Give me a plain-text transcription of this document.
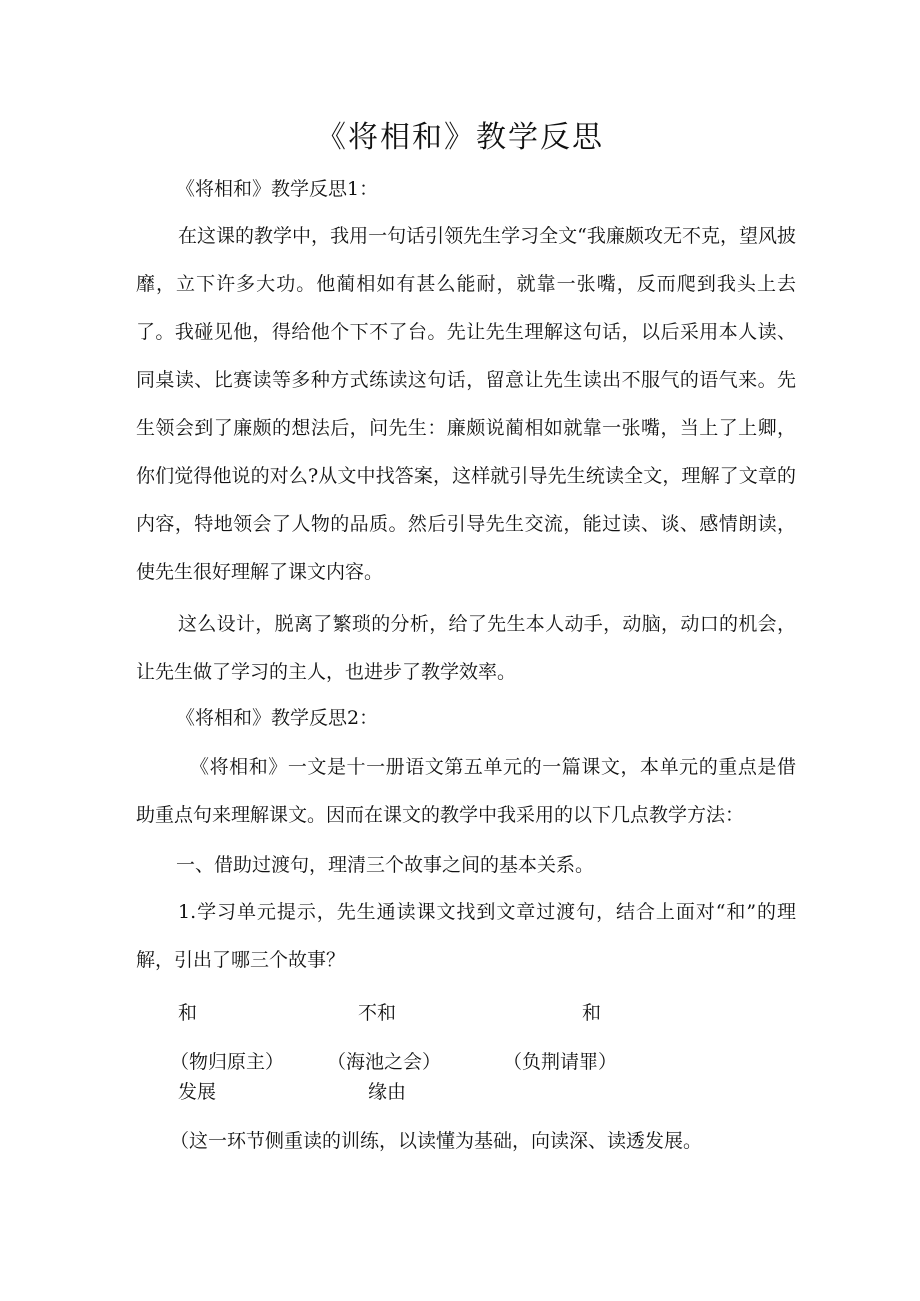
《将相和》教学反思
《将相和》教学反思1：
在这课的教学中，我用一句话引领先生学习全文“我廉颇攻无不克，望风披靡，立下许多大功。他蔺相如有甚么能耐，就靠一张嘴，反而爬到我头上去了。我碰见他，得给他个下不了台。先让先生理解这句话，以后采用本人读、同桌读、比赛读等多种方式练读这句话，留意让先生读出不服气的语气来。先生领会到了廉颇的想法后，问先生：廉颇说蔺相如就靠一张嘴，当上了上卿，你们觉得他说的对么?从文中找答案，这样就引导先生统读全文，理解了文章的内容，特地领会了人物的品质。然后引导先生交流，能过读、谈、感情朗读，使先生很好理解了课文内容。
这么设计，脱离了繁琐的分析，给了先生本人动手，动脑，动口的机会，让先生做了学习的主人，也进步了教学效率。
《将相和》教学反思2：
《将相和》一文是十一册语文第五单元的一篇课文，本单元的重点是借助重点句来理解课文。因而在课文的教学中我采用的以下几点教学方法：
一、借助过渡句，理清三个故事之间的基本关系。
1.学习单元提示，先生通读课文找到文章过渡句，结合上面对“和”的理解，引出了哪三个故事？
和	不和	和
（物归原主） （海池之会）	（负荆请罪）
发展	缘由
（这一环节侧重读的训练，以读懂为基础，向读深、读透发展。
